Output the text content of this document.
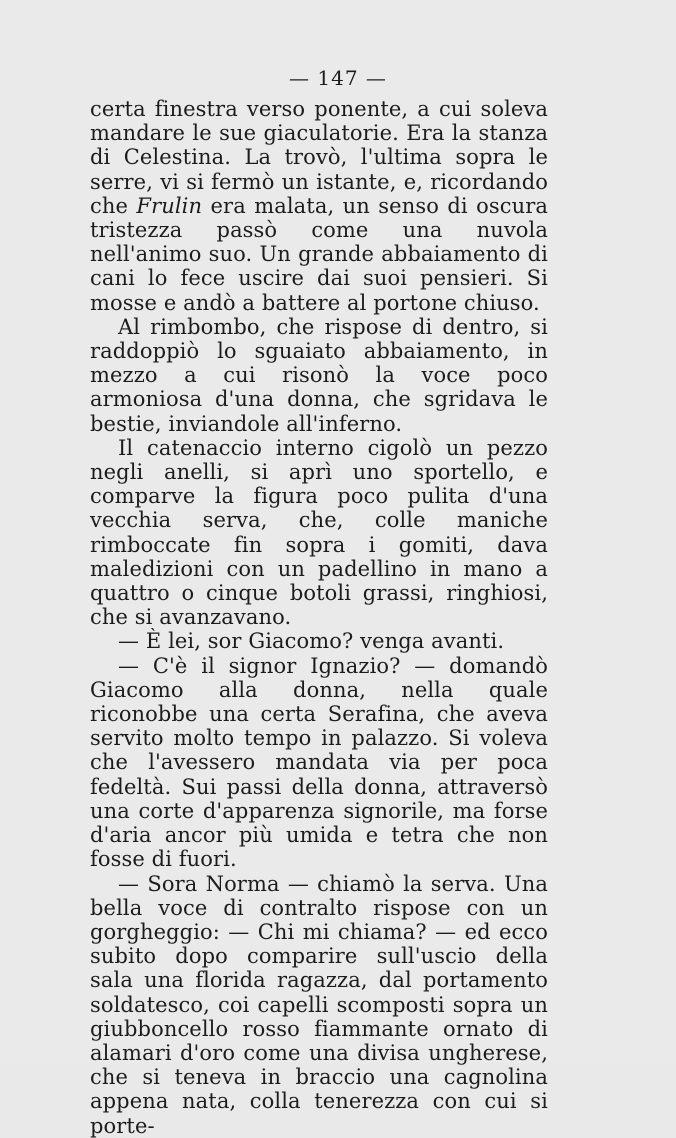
— 147 —

certa finestra verso ponente, a cui soleva mandare le sue giaculatorie. Era la stanza di Celestina. La trovò, l'ultima sopra le serre, vi si fermò un istante, e, ricordando che Frulin era malata, un senso di oscura tristezza passò come una nuvola nell'animo suo. Un grande abbaiamento di cani lo fece uscire dai suoi pensieri. Si mosse e andò a battere al portone chiuso.

Al rimbombo, che rispose di dentro, si raddoppiò lo sguaiato abbaiamento, in mezzo a cui risonò la voce poco armoniosa d'una donna, che sgridava le bestie, inviandole all'inferno.

Il catenaccio interno cigolò un pezzo negli anelli, si aprì uno sportello, e comparve la figura poco pulita d'una vecchia serva, che, colle maniche rimboccate fin sopra i gomiti, dava maledizioni con un padellino in mano a quattro o cinque botoli grassi, ringhiosi, che si avanzavano.

— È lei, sor Giacomo? venga avanti.

— C'è il signor Ignazio? — domandò Giacomo alla donna, nella quale riconobbe una certa Serafina, che aveva servito molto tempo in palazzo. Si voleva che l'avessero mandata via per poca fedeltà. Sui passi della donna, attraversò una corte d'apparenza signorile, ma forse d'aria ancor più umida e tetra che non fosse di fuori.

— Sora Norma — chiamò la serva. Una bella voce di contralto rispose con un gorgheggio: — Chi mi chiama? — ed ecco subito dopo comparire sull'uscio della sala una florida ragazza, dal portamento soldatesco, coi capelli scomposti sopra un giubboncello rosso fiammante ornato di alamari d'oro come una divisa ungherese, che si teneva in braccio una cagnolina appena nata, colla tenerezza con cui si porte-
